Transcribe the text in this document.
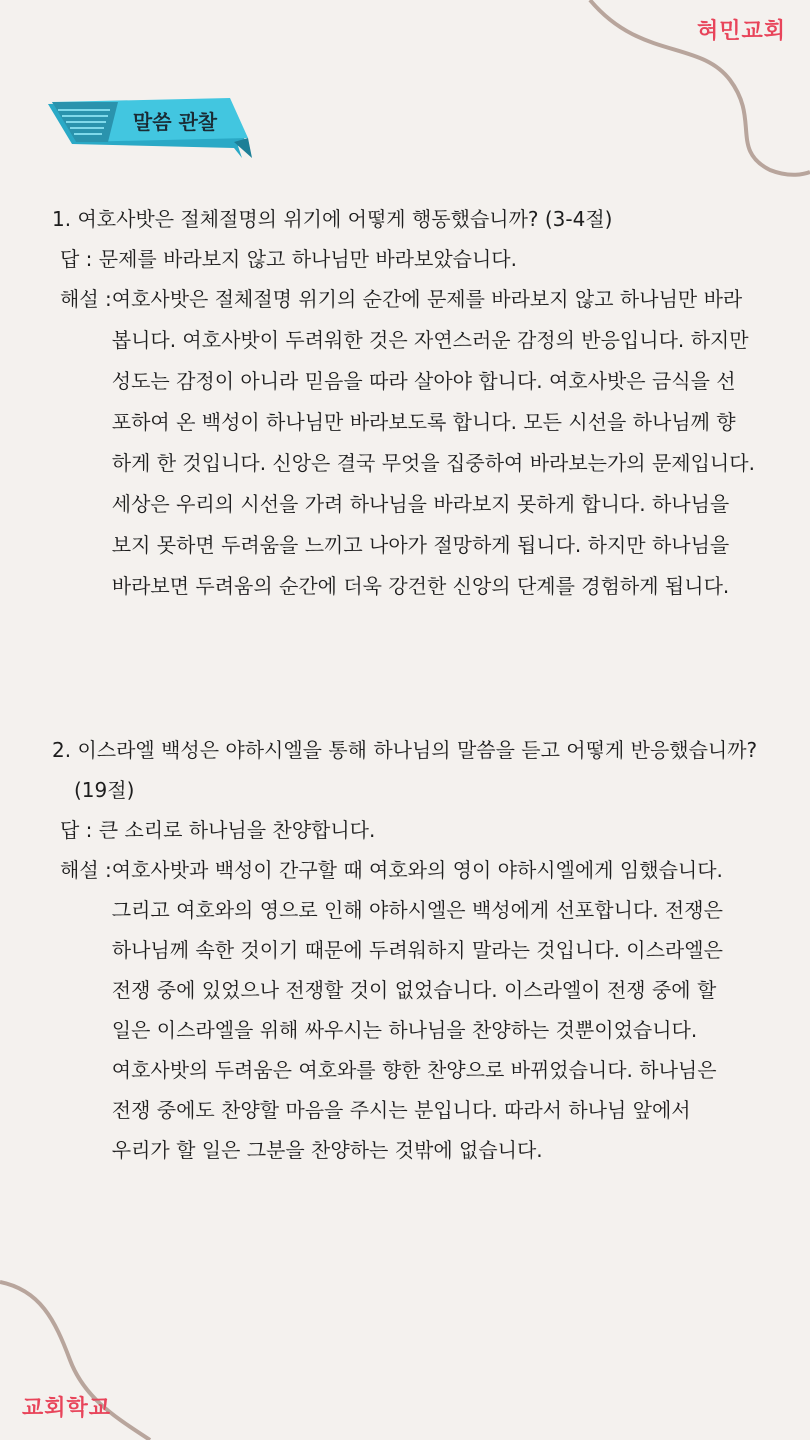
혀민교회
교회학교
말씀 관찰
1. 여호사밧은 절체절명의 위기에 어떻게 행동했습니까? (3-4절)
답 : 문제를 바라보지 않고 하나님만 바라보았습니다.
해설 : 여호사밧은 절체절명 위기의 순간에 문제를 바라보지 않고 하나님만 바라
봅니다. 여호사밧이 두려워한 것은 자연스러운 감정의 반응입니다. 하지만
성도는 감정이 아니라 믿음을 따라 살아야 합니다. 여호사밧은 금식을 선
포하여 온 백성이 하나님만 바라보도록 합니다. 모든 시선을 하나님께 향
하게 한 것입니다. 신앙은 결국 무엇을 집중하여 바라보는가의 문제입니다.
세상은 우리의 시선을 가려 하나님을 바라보지 못하게 합니다. 하나님을
보지 못하면 두려움을 느끼고 나아가 절망하게 됩니다. 하지만 하나님을
바라보면 두려움의 순간에 더욱 강건한 신앙의 단계를 경험하게 됩니다.
2. 이스라엘 백성은 야하시엘을 통해 하나님의 말씀을 듣고 어떻게 반응했습니까?
(19절)
답 : 큰 소리로 하나님을 찬양합니다.
해설 : 여호사밧과 백성이 간구할 때 여호와의 영이 야하시엘에게 임했습니다.
그리고 여호와의 영으로 인해 야하시엘은 백성에게 선포합니다. 전쟁은
하나님께 속한 것이기 때문에 두려워하지 말라는 것입니다. 이스라엘은
전쟁 중에 있었으나 전쟁할 것이 없었습니다. 이스라엘이 전쟁 중에 할
일은 이스라엘을 위해 싸우시는 하나님을 찬양하는 것뿐이었습니다.
여호사밧의 두려움은 여호와를 향한 찬양으로 바뀌었습니다. 하나님은
전쟁 중에도 찬양할 마음을 주시는 분입니다. 따라서 하나님 앞에서
우리가 할 일은 그분을 찬양하는 것밖에 없습니다.
